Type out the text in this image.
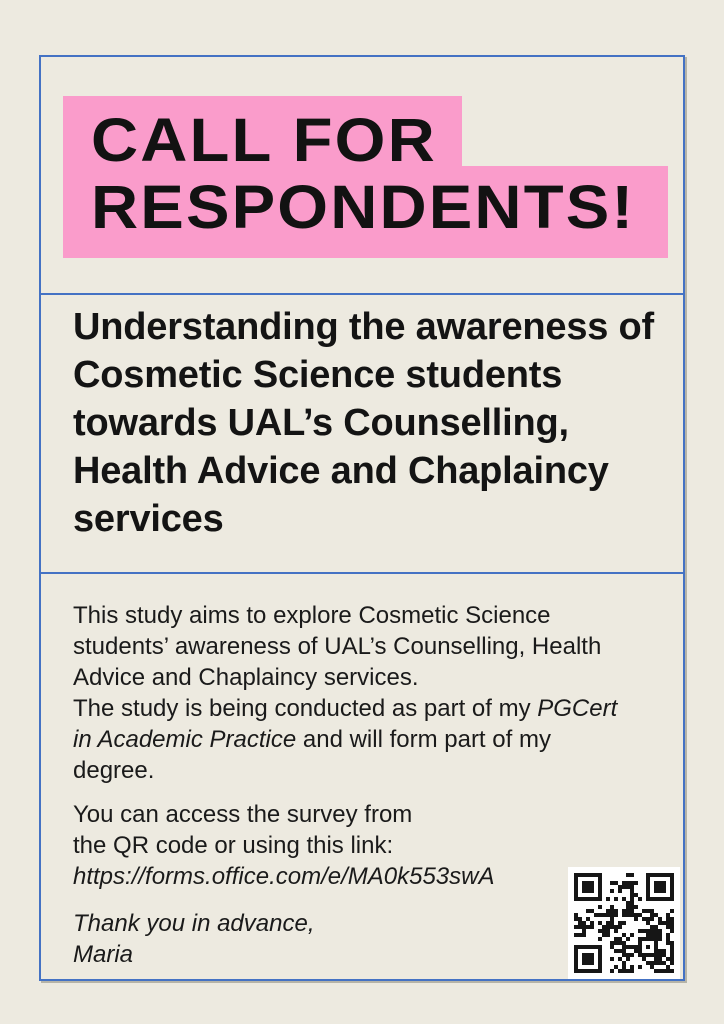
CALL FOR
RESPONDENTS!
Understanding the awareness of
Cosmetic Science students
towards UAL’s Counselling,
Health Advice and Chaplaincy
services
This study aims to explore Cosmetic Science
students’ awareness of UAL’s Counselling, Health
Advice and Chaplaincy services.
The study is being conducted as part of my PGCert
in Academic Practice and will form part of my
degree.
You can access the survey from
the QR code or using this link:
https://forms.office.com/e/MA0k553swA
Thank you in advance,
Maria
